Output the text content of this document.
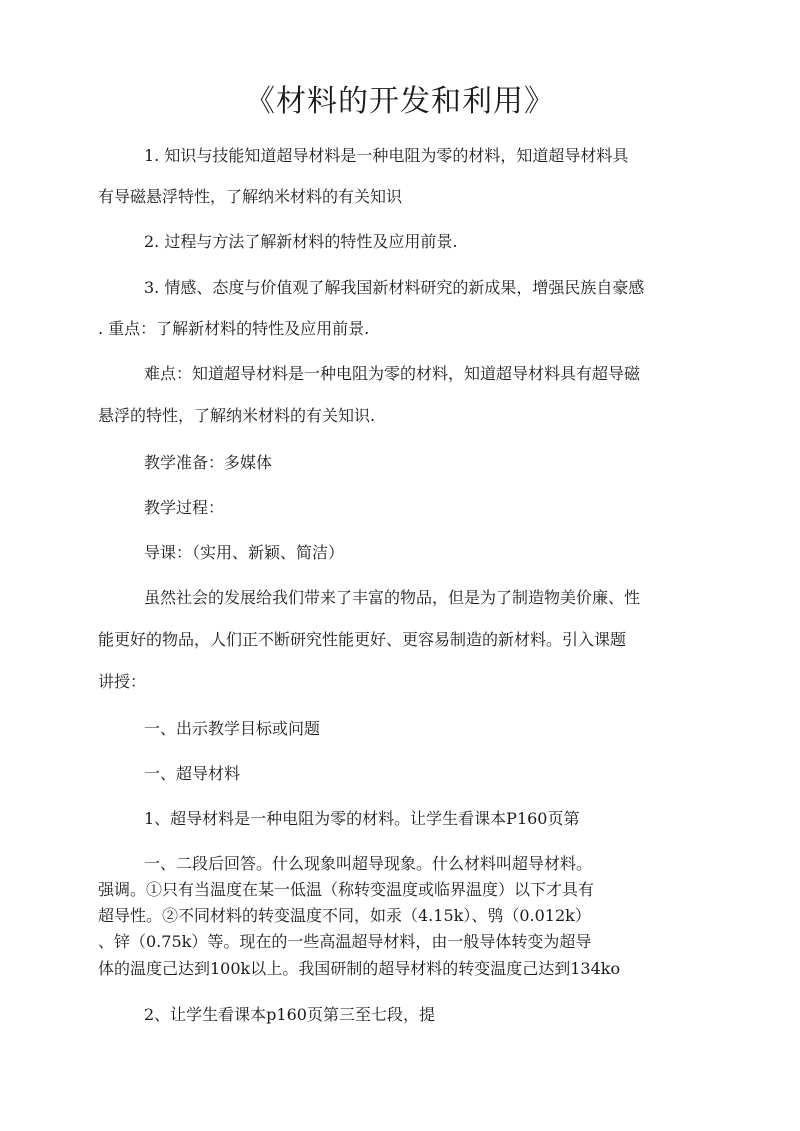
《材料的开发和利用》
1. 知识与技能知道超导材料是一种电阻为零的材料，知道超导材料具
有导磁悬浮特性，了解纳米材料的有关知识
2. 过程与方法了解新材料的特性及应用前景.
3. 情感、态度与价值观了解我国新材料研究的新成果，增强民族自豪感
. 重点：了解新材料的特性及应用前景.
难点：知道超导材料是一种电阻为零的材料，知道超导材料具有超导磁
悬浮的特性，了解纳米材料的有关知识.
教学准备：多媒体
教学过程：
导课：（实用、新颖、简洁）
虽然社会的发展给我们带来了丰富的物品，但是为了制造物美价廉、性
能更好的物品，人们正不断研究性能更好、更容易制造的新材料。引入课题
讲授：
一、出示教学目标或问题
一、超导材料
1、超导材料是一种电阻为零的材料。让学生看课本P160页第
一、二段后回答。什么现象叫超导现象。什么材料叫超导材料。
强调。①只有当温度在某一低温（称转变温度或临界温度）以下才具有
超导性。②不同材料的转变温度不同，如汞（4.15k）、鸮（0.012k）
、锌（0.75k）等。现在的一些高温超导材料，由一般导体转变为超导
体的温度己达到100k以上。我国研制的超导材料的转变温度己达到134ko
2、让学生看课本p160页第三至七段，提
